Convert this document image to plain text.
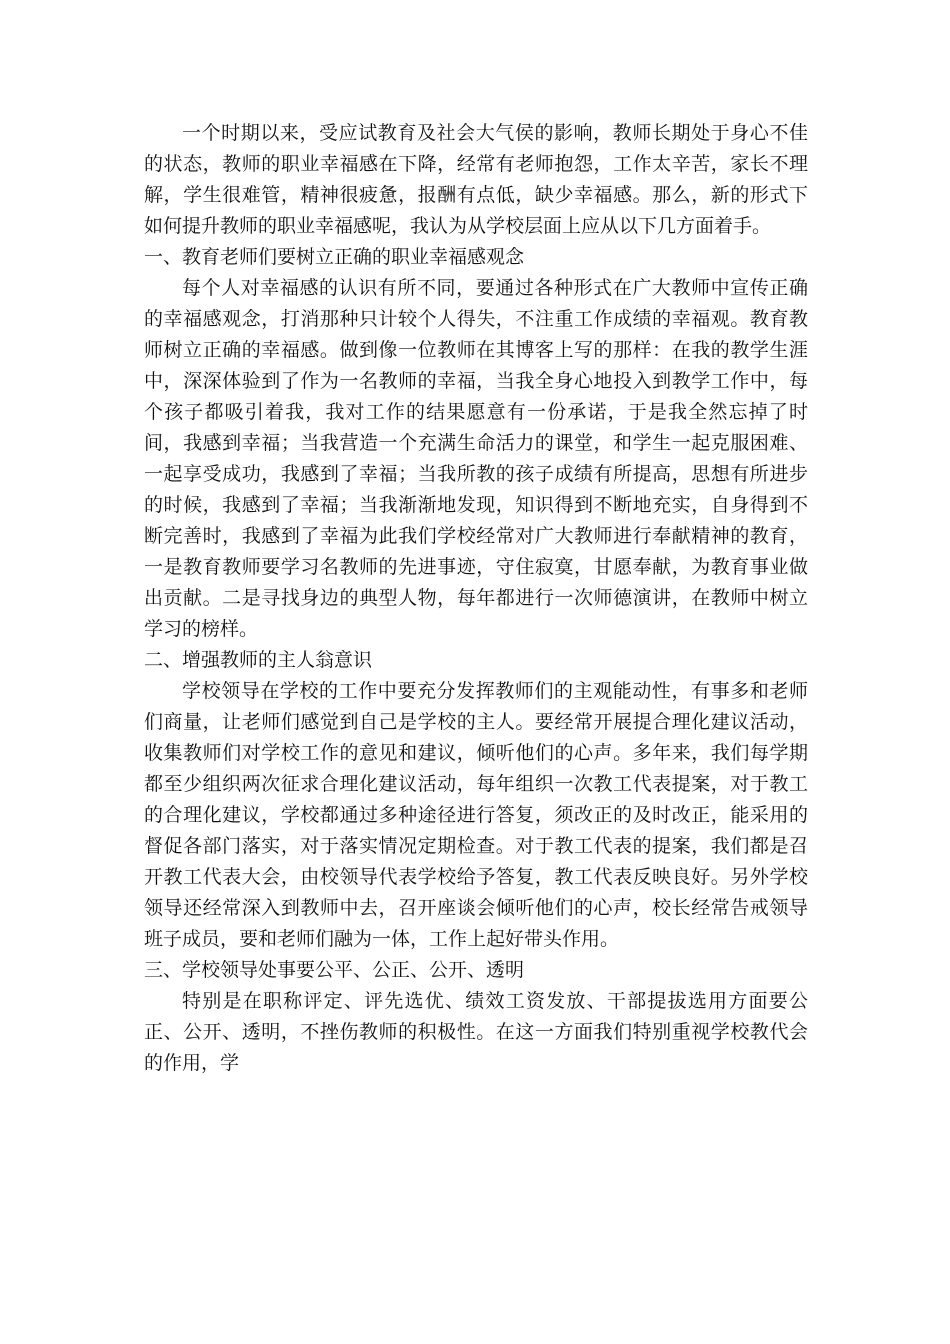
一个时期以来，受应试教育及社会大气侯的影响，教师长期处于身心不佳的状态，教师的职业幸福感在下降，经常有老师抱怨，工作太辛苦，家长不理解，学生很难管，精神很疲惫，报酬有点低，缺少幸福感。那么，新的形式下如何提升教师的职业幸福感呢，我认为从学校层面上应从以下几方面着手。

一、教育老师们要树立正确的职业幸福感观念

每个人对幸福感的认识有所不同，要通过各种形式在广大教师中宣传正确的幸福感观念，打消那种只计较个人得失，不注重工作成绩的幸福观。教育教师树立正确的幸福感。做到像一位教师在其博客上写的那样：在我的教学生涯中，深深体验到了作为一名教师的幸福，当我全身心地投入到教学工作中，每个孩子都吸引着我，我对工作的结果愿意有一份承诺，于是我全然忘掉了时间，我感到幸福；当我营造一个充满生命活力的课堂，和学生一起克服困难、一起享受成功，我感到了幸福；当我所教的孩子成绩有所提高，思想有所进步的时候，我感到了幸福；当我渐渐地发现，知识得到不断地充实，自身得到不断完善时，我感到了幸福为此我们学校经常对广大教师进行奉献精神的教育，一是教育教师要学习名教师的先进事迹，守住寂寞，甘愿奉献，为教育事业做出贡献。二是寻找身边的典型人物，每年都进行一次师德演讲，在教师中树立学习的榜样。

二、增强教师的主人翁意识

学校领导在学校的工作中要充分发挥教师们的主观能动性，有事多和老师们商量，让老师们感觉到自己是学校的主人。要经常开展提合理化建议活动，收集教师们对学校工作的意见和建议，倾听他们的心声。多年来，我们每学期都至少组织两次征求合理化建议活动，每年组织一次教工代表提案，对于教工的合理化建议，学校都通过多种途径进行答复，须改正的及时改正，能采用的督促各部门落实，对于落实情况定期检查。对于教工代表的提案，我们都是召开教工代表大会，由校领导代表学校给予答复，教工代表反映良好。另外学校领导还经常深入到教师中去，召开座谈会倾听他们的心声，校长经常告戒领导班子成员，要和老师们融为一体，工作上起好带头作用。

三、学校领导处事要公平、公正、公开、透明

特别是在职称评定、评先选优、绩效工资发放、干部提拔选用方面要公正、公开、透明，不挫伤教师的积极性。在这一方面我们特别重视学校教代会的作用，学
